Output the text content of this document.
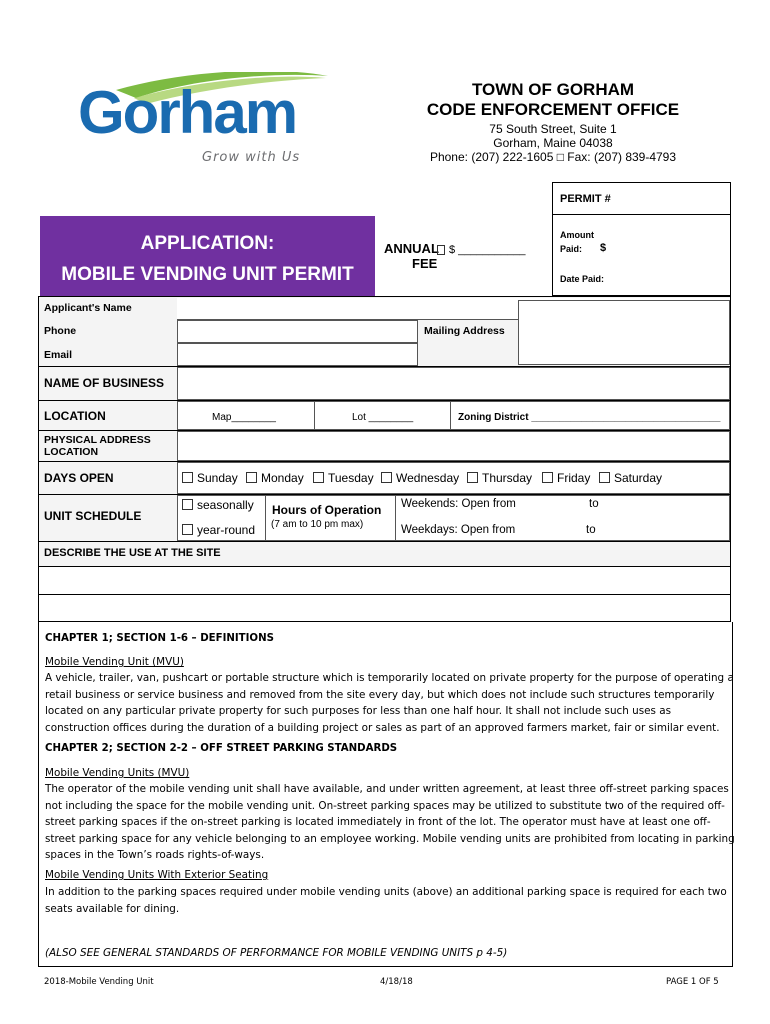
Gorham
Grow with Us
TOWN OF GORHAM
CODE ENFORCEMENT OFFICE
75 South Street, Suite 1
Gorham, Maine 04038
Phone: (207) 222-1605 □ Fax: (207) 839-4793
PERMIT #
Amount
Paid: $
Date Paid:
APPLICATION:
MOBILE VENDING UNIT PERMIT
ANNUAL
FEE
$ ___________
Applicant's Name
Phone	Mailing Address
Email
NAME OF BUSINESS
LOCATION	Map________	Lot ________	Zoning District __________________________________
PHYSICAL ADDRESS
LOCATION
DAYS OPEN	Sunday	Monday	Tuesday	Wednesday	Thursday	Friday	Saturday
UNIT SCHEDULE
seasonally
year-round
Hours of Operation
(7 am to 10 pm max)
Weekends: Open from	to
Weekdays: Open from	to
DESCRIBE THE USE AT THE SITE
CHAPTER 1; SECTION 1-6 – DEFINITIONS
Mobile Vending Unit (MVU)
A vehicle, trailer, van, pushcart or portable structure which is temporarily located on private property for the purpose of operating a
retail business or service business and removed from the site every day, but which does not include such structures temporarily
located on any particular private property for such purposes for less than one half hour. It shall not include such uses as
construction offices during the duration of a building project or sales as part of an approved farmers market, fair or similar event.
CHAPTER 2; SECTION 2-2 – OFF STREET PARKING STANDARDS
Mobile Vending Units (MVU)
The operator of the mobile vending unit shall have available, and under written agreement, at least three off-street parking spaces
not including the space for the mobile vending unit. On-street parking spaces may be utilized to substitute two of the required off-
street parking spaces if the on-street parking is located immediately in front of the lot. The operator must have at least one off-
street parking space for any vehicle belonging to an employee working. Mobile vending units are prohibited from locating in parking
spaces in the Town’s roads rights-of-ways.
Mobile Vending Units With Exterior Seating
In addition to the parking spaces required under mobile vending units (above) an additional parking space is required for each two
seats available for dining.
(ALSO SEE GENERAL STANDARDS OF PERFORMANCE FOR MOBILE VENDING UNITS p 4-5)
2018-Mobile Vending Unit	4/18/18	PAGE 1 OF 5
